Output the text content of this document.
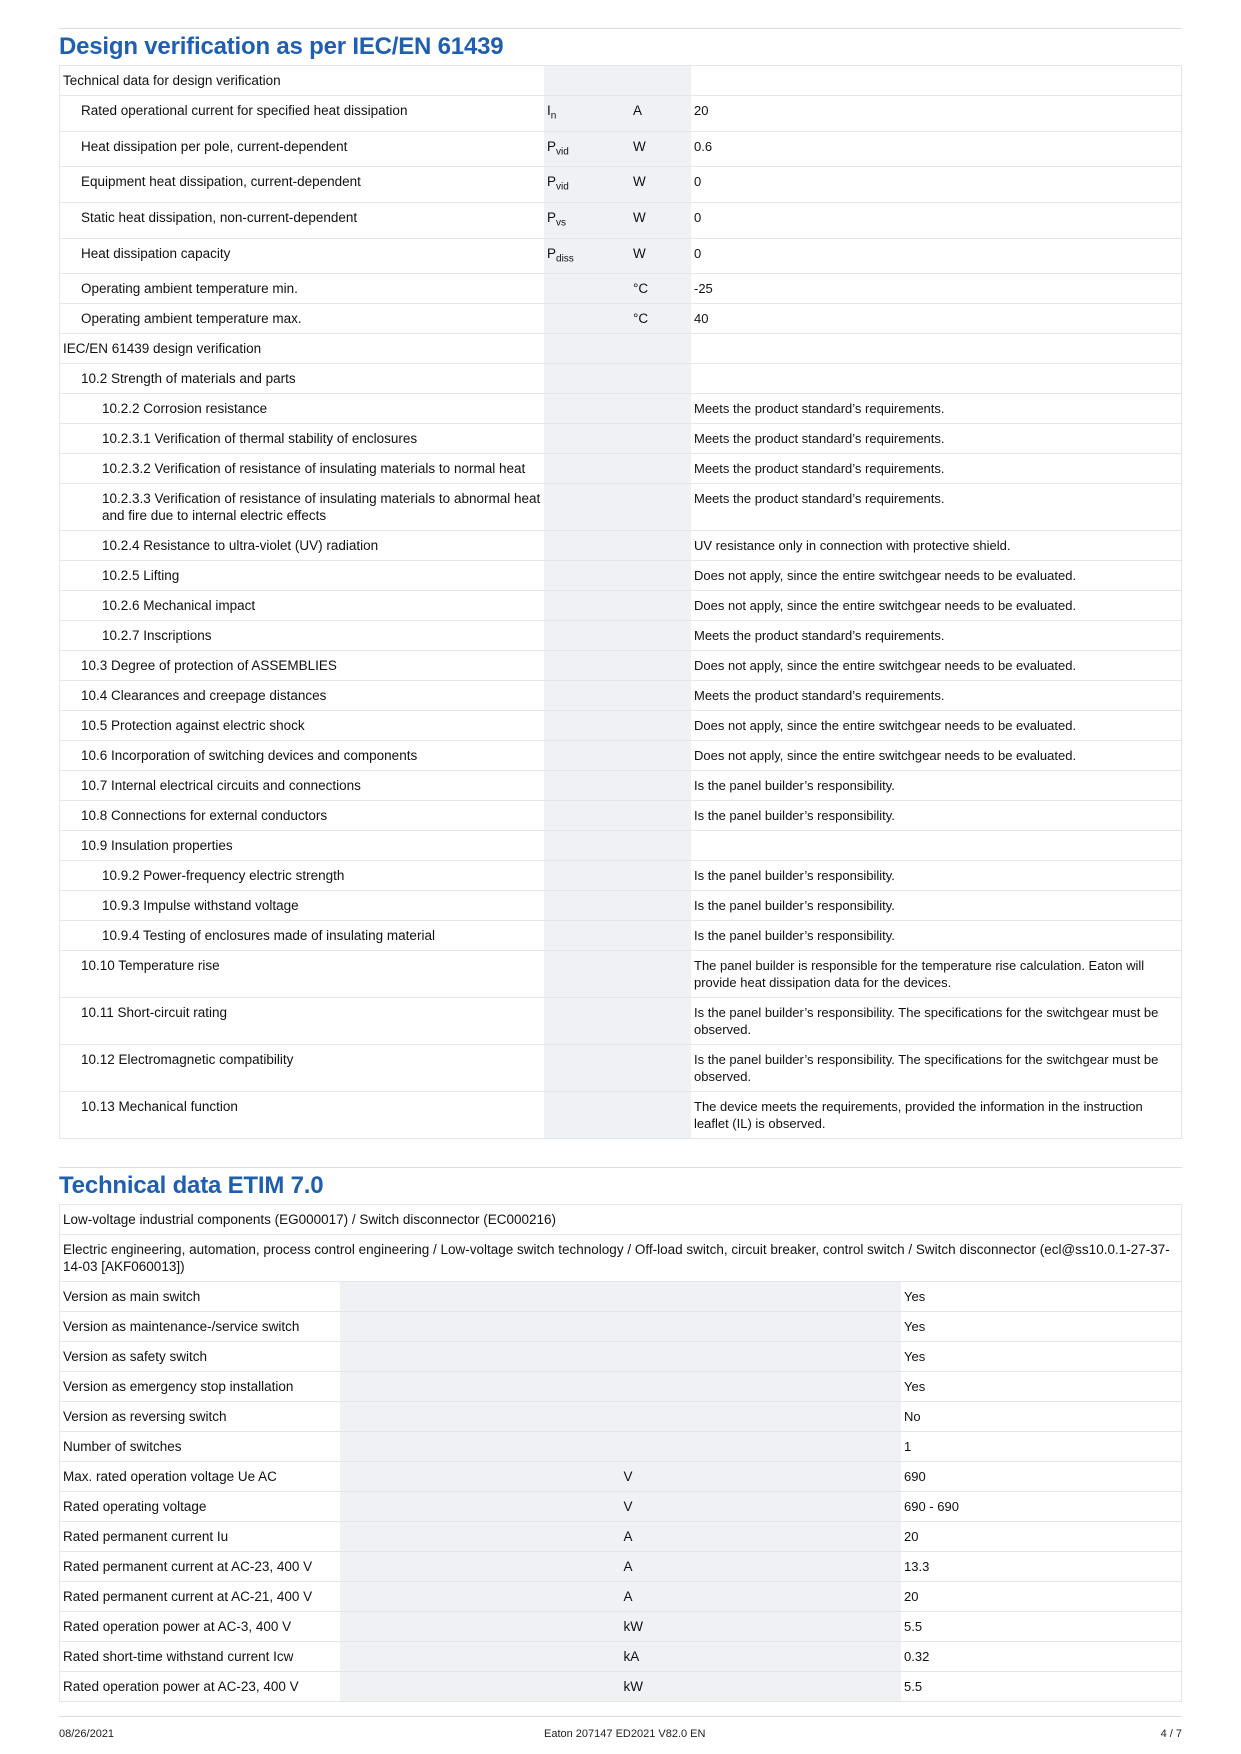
Design verification as per IEC/EN 61439
Technical data for design verification			
Rated operational current for specified heat dissipation	$I_n$	A	20
Heat dissipation per pole, current-dependent	$P_{vid}$	W	0.6
Equipment heat dissipation, current-dependent	$P_{vid}$	W	0
Static heat dissipation, non-current-dependent	$P_{vs}$	W	0
Heat dissipation capacity	$P_{diss}$	W	0
Operating ambient temperature min.		°C	-25
Operating ambient temperature max.		°C	40
IEC/EN 61439 design verification			
10.2 Strength of materials and parts			
10.2.2 Corrosion resistance			Meets the product standard’s requirements.
10.2.3.1 Verification of thermal stability of enclosures			Meets the product standard’s requirements.
10.2.3.2 Verification of resistance of insulating materials to normal heat			Meets the product standard’s requirements.
10.2.3.3 Verification of resistance of insulating materials to abnormal heat and fire due to internal electric effects			Meets the product standard’s requirements.
10.2.4 Resistance to ultra-violet (UV) radiation			UV resistance only in connection with protective shield.
10.2.5 Lifting			Does not apply, since the entire switchgear needs to be evaluated.
10.2.6 Mechanical impact			Does not apply, since the entire switchgear needs to be evaluated.
10.2.7 Inscriptions			Meets the product standard’s requirements.
10.3 Degree of protection of ASSEMBLIES			Does not apply, since the entire switchgear needs to be evaluated.
10.4 Clearances and creepage distances			Meets the product standard’s requirements.
10.5 Protection against electric shock			Does not apply, since the entire switchgear needs to be evaluated.
10.6 Incorporation of switching devices and components			Does not apply, since the entire switchgear needs to be evaluated.
10.7 Internal electrical circuits and connections			Is the panel builder’s responsibility.
10.8 Connections for external conductors			Is the panel builder’s responsibility.
10.9 Insulation properties			
10.9.2 Power-frequency electric strength			Is the panel builder’s responsibility.
10.9.3 Impulse withstand voltage			Is the panel builder’s responsibility.
10.9.4 Testing of enclosures made of insulating material			Is the panel builder’s responsibility.
10.10 Temperature rise			The panel builder is responsible for the temperature rise calculation. Eaton will provide heat dissipation data for the devices.
10.11 Short-circuit rating			Is the panel builder’s responsibility. The specifications for the switchgear must be observed.
10.12 Electromagnetic compatibility			Is the panel builder’s responsibility. The specifications for the switchgear must be observed.
10.13 Mechanical function			The device meets the requirements, provided the information in the instruction leaflet (IL) is observed.
Technical data ETIM 7.0
Low-voltage industrial components (EG000017) / Switch disconnector (EC000216)			
Electric engineering, automation, process control engineering / Low-voltage switch technology / Off-load switch, circuit breaker, control switch / Switch disconnector (ecl@ss10.0.1-27-37-14-03 [AKF060013])			
Version as main switch			Yes
Version as maintenance-/service switch			Yes
Version as safety switch			Yes
Version as emergency stop installation			Yes
Version as reversing switch			No
Number of switches			1
Max. rated operation voltage Ue AC		V	690
Rated operating voltage		V	690 - 690
Rated permanent current Iu		A	20
Rated permanent current at AC-23, 400 V		A	13.3
Rated permanent current at AC-21, 400 V		A	20
Rated operation power at AC-3, 400 V		kW	5.5
Rated short-time withstand current Icw		kA	0.32
Rated operation power at AC-23, 400 V		kW	5.5
08/26/2021	Eaton 207147 ED2021 V82.0 EN	4 / 7
